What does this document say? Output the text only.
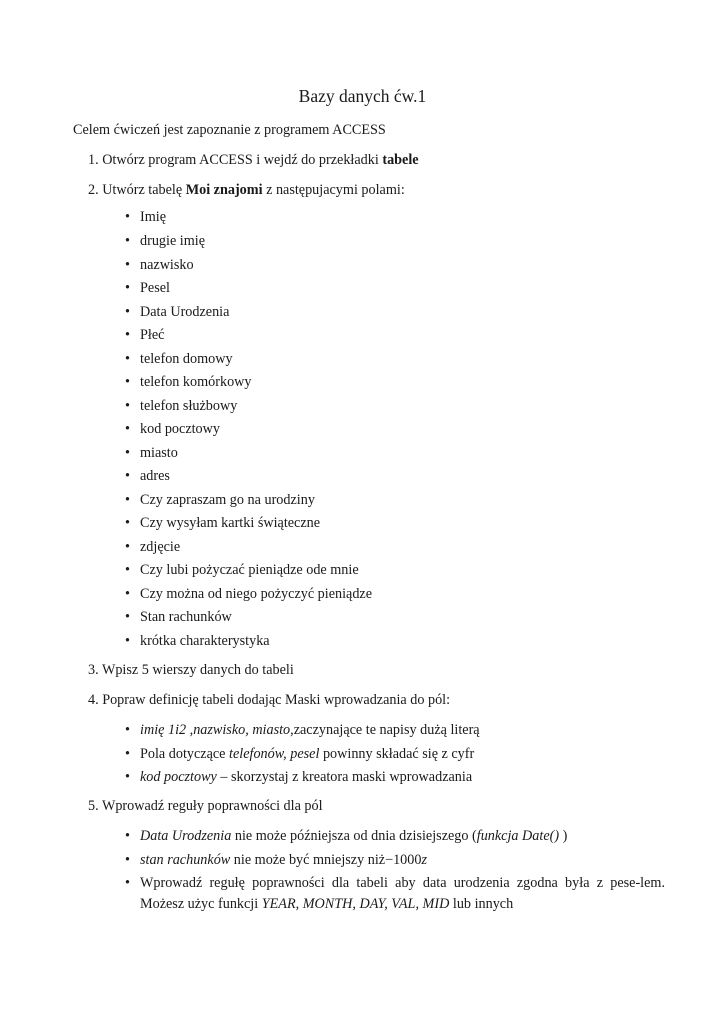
Bazy danych ćw.1
Celem ćwiczeń jest zapoznanie z programem ACCESS
1. Otwórz program ACCESS i wejdź do przekładki tabele
2. Utwórz tabelę Moi znajomi z następujacymi polami:
Imię
drugie imię
nazwisko
Pesel
Data Urodzenia
Płeć
telefon domowy
telefon komórkowy
telefon służbowy
kod pocztowy
miasto
adres
Czy zapraszam go na urodziny
Czy wysyłam kartki świąteczne
zdjęcie
Czy lubi pożyczać pieniądze ode mnie
Czy można od niego pożyczyć pieniądze
Stan rachunków
krótka charakterystyka
3. Wpisz 5 wierszy danych do tabeli
4. Popraw definicję tabeli dodając Maski wprowadzania do pól:
imię 1i2 ,nazwisko, miasto,zaczynające te napisy dużą literą
Pola dotyczące telefonów, pesel powinny składać się z cyfr
kod pocztowy – skorzystaj z kreatora maski wprowadzania
5. Wprowadź reguły poprawności dla pól
Data Urodzenia nie może późniejsza od dnia dzisiejszego (funkcja Date() )
stan rachunków nie może być mniejszy niż−1000z
• Wprowadź regułę poprawności dla tabeli aby data urodzenia zgodna była z pese-lem. Możesz użyc funkcji YEAR, MONTH, DAY, VAL, MID lub innych
